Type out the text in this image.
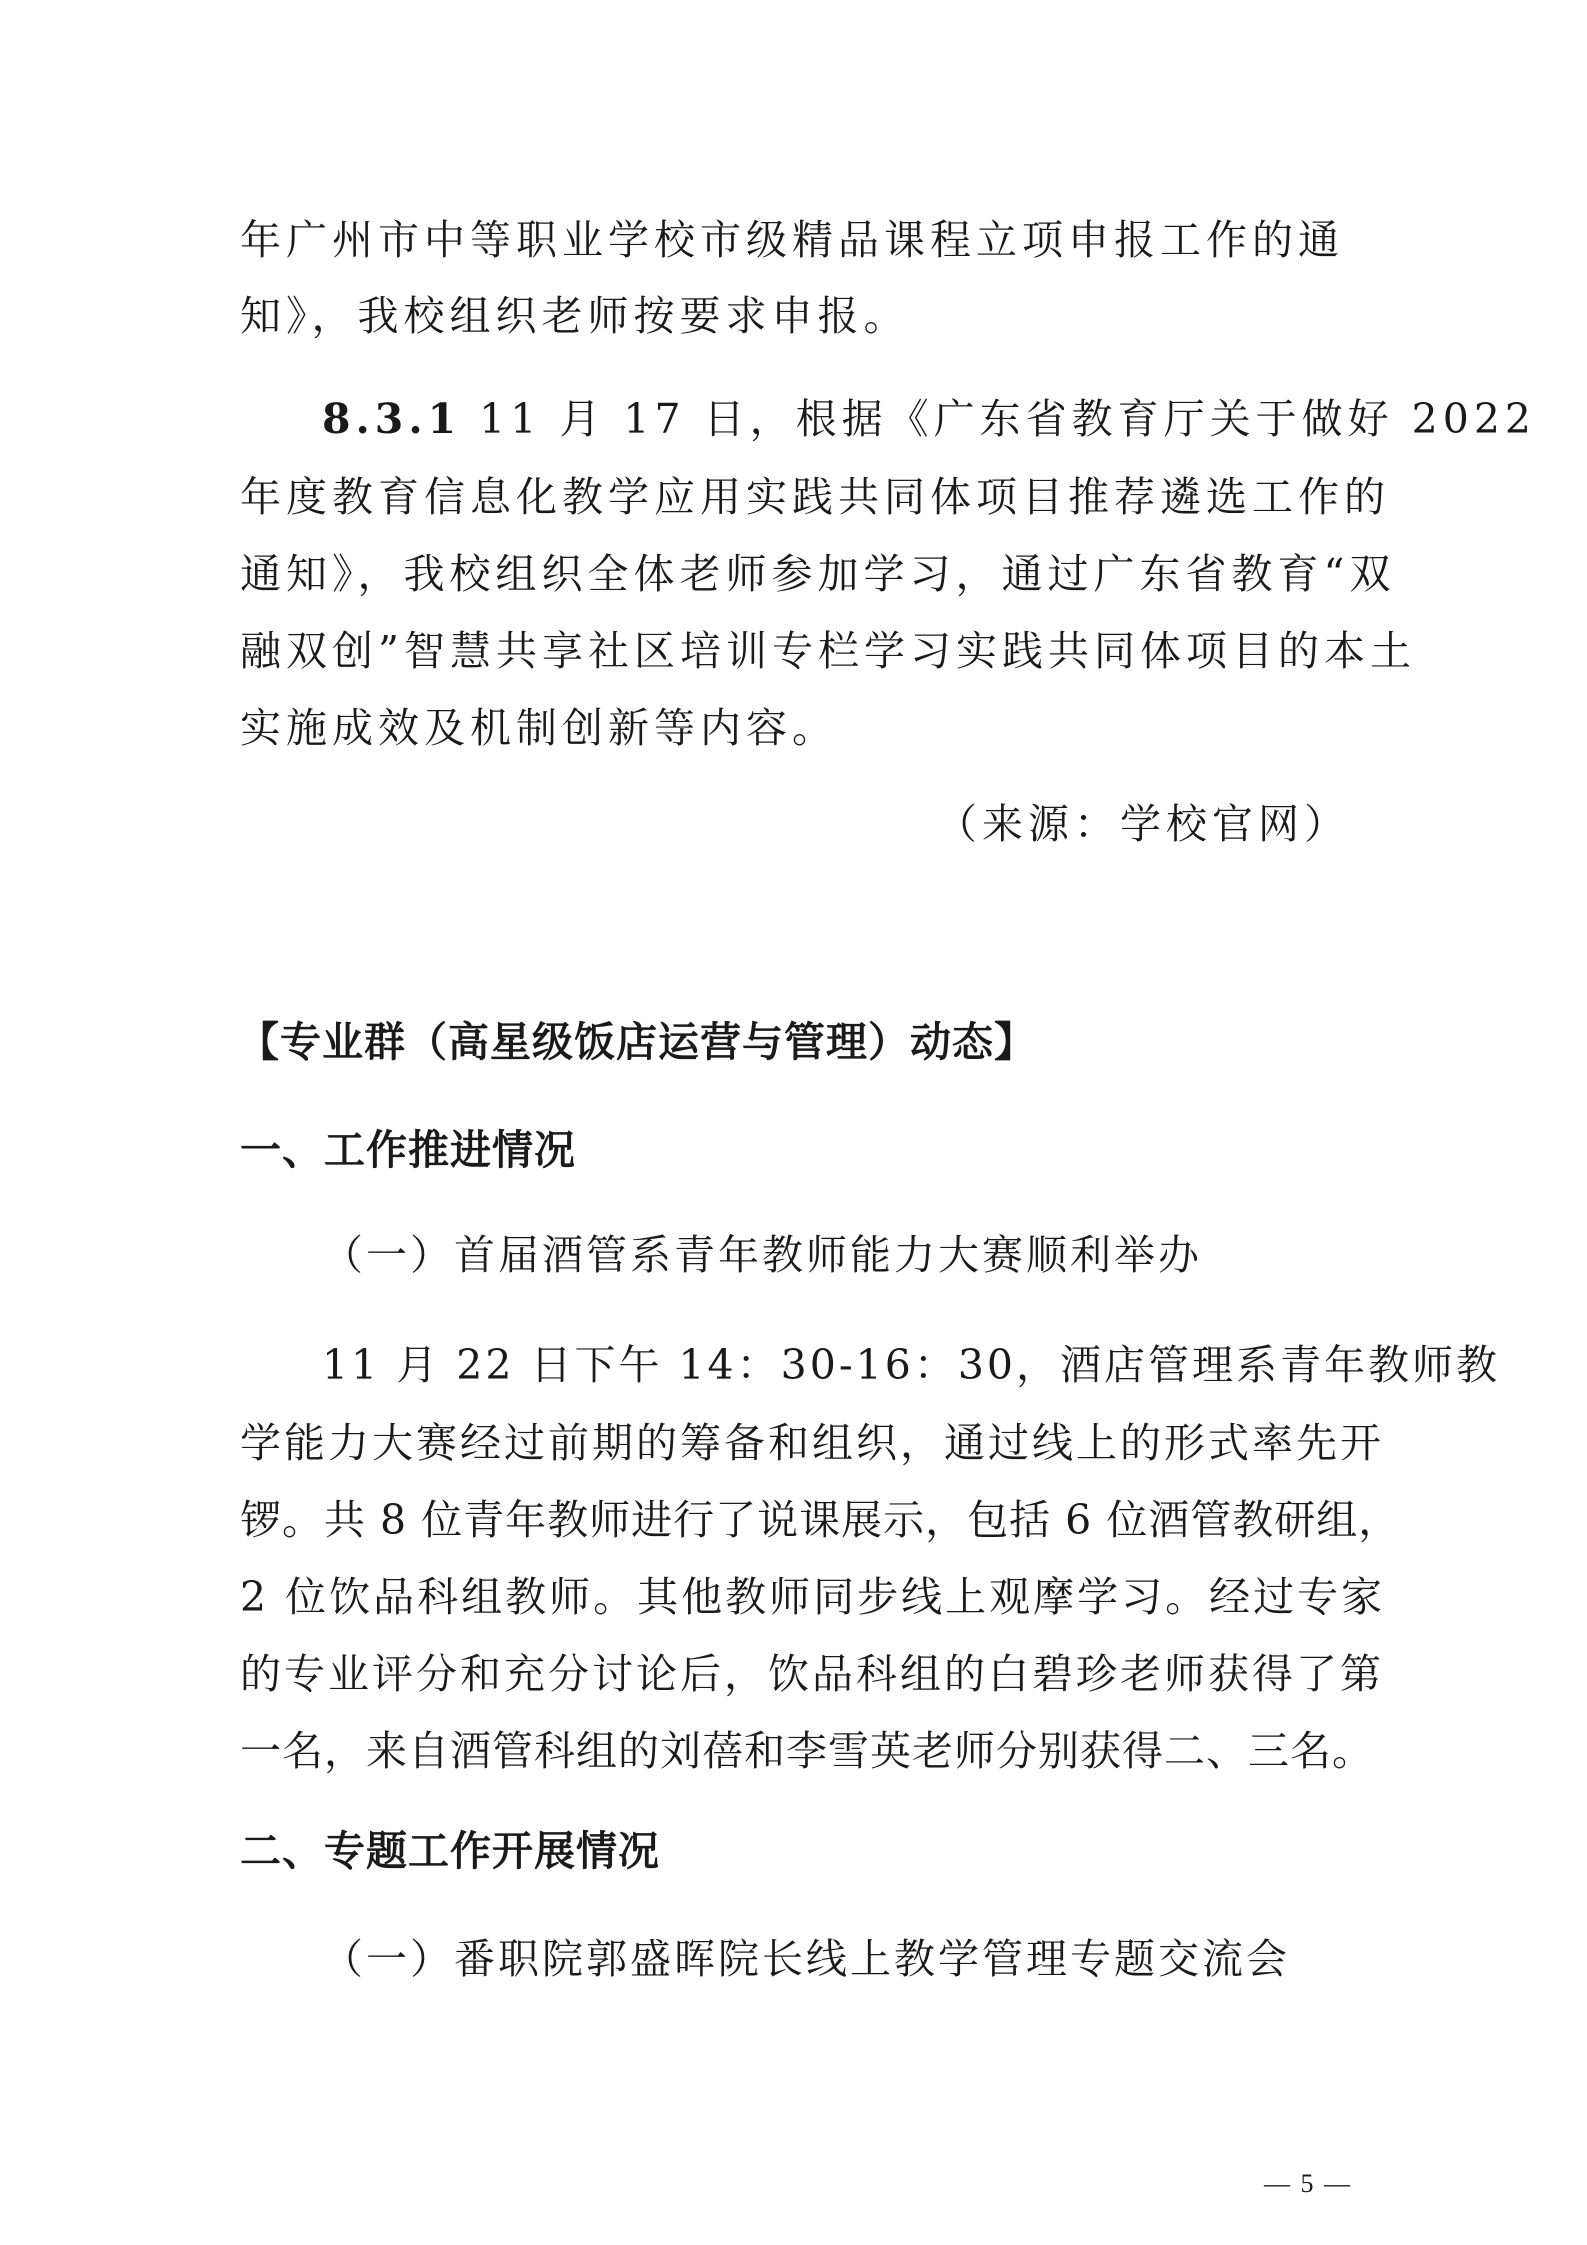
年广州市中等职业学校市级精品课程立项申报工作的通
知》，我校组织老师按要求申报。
8.3.1 11 月 17 日，根据《广东省教育厅关于做好 2022
年度教育信息化教学应用实践共同体项目推荐遴选工作的
通知》，我校组织全体老师参加学习，通过广东省教育“双
融双创”智慧共享社区培训专栏学习实践共同体项目的本土
实施成效及机制创新等内容。
（来源：学校官网）
【专业群（高星级饭店运营与管理）动态】
一、工作推进情况
（一）首届酒管系青年教师能力大赛顺利举办
11 月 22 日下午 14：30-16：30，酒店管理系青年教师教
学能力大赛经过前期的筹备和组织，通过线上的形式率先开
锣。共 8 位青年教师进行了说课展示，包括 6 位酒管教研组，
2 位饮品科组教师。其他教师同步线上观摩学习。经过专家
的专业评分和充分讨论后，饮品科组的白碧珍老师获得了第
一名，来自酒管科组的刘蓓和李雪英老师分别获得二、三名。
二、专题工作开展情况
（一）番职院郭盛晖院长线上教学管理专题交流会
— 5 —
